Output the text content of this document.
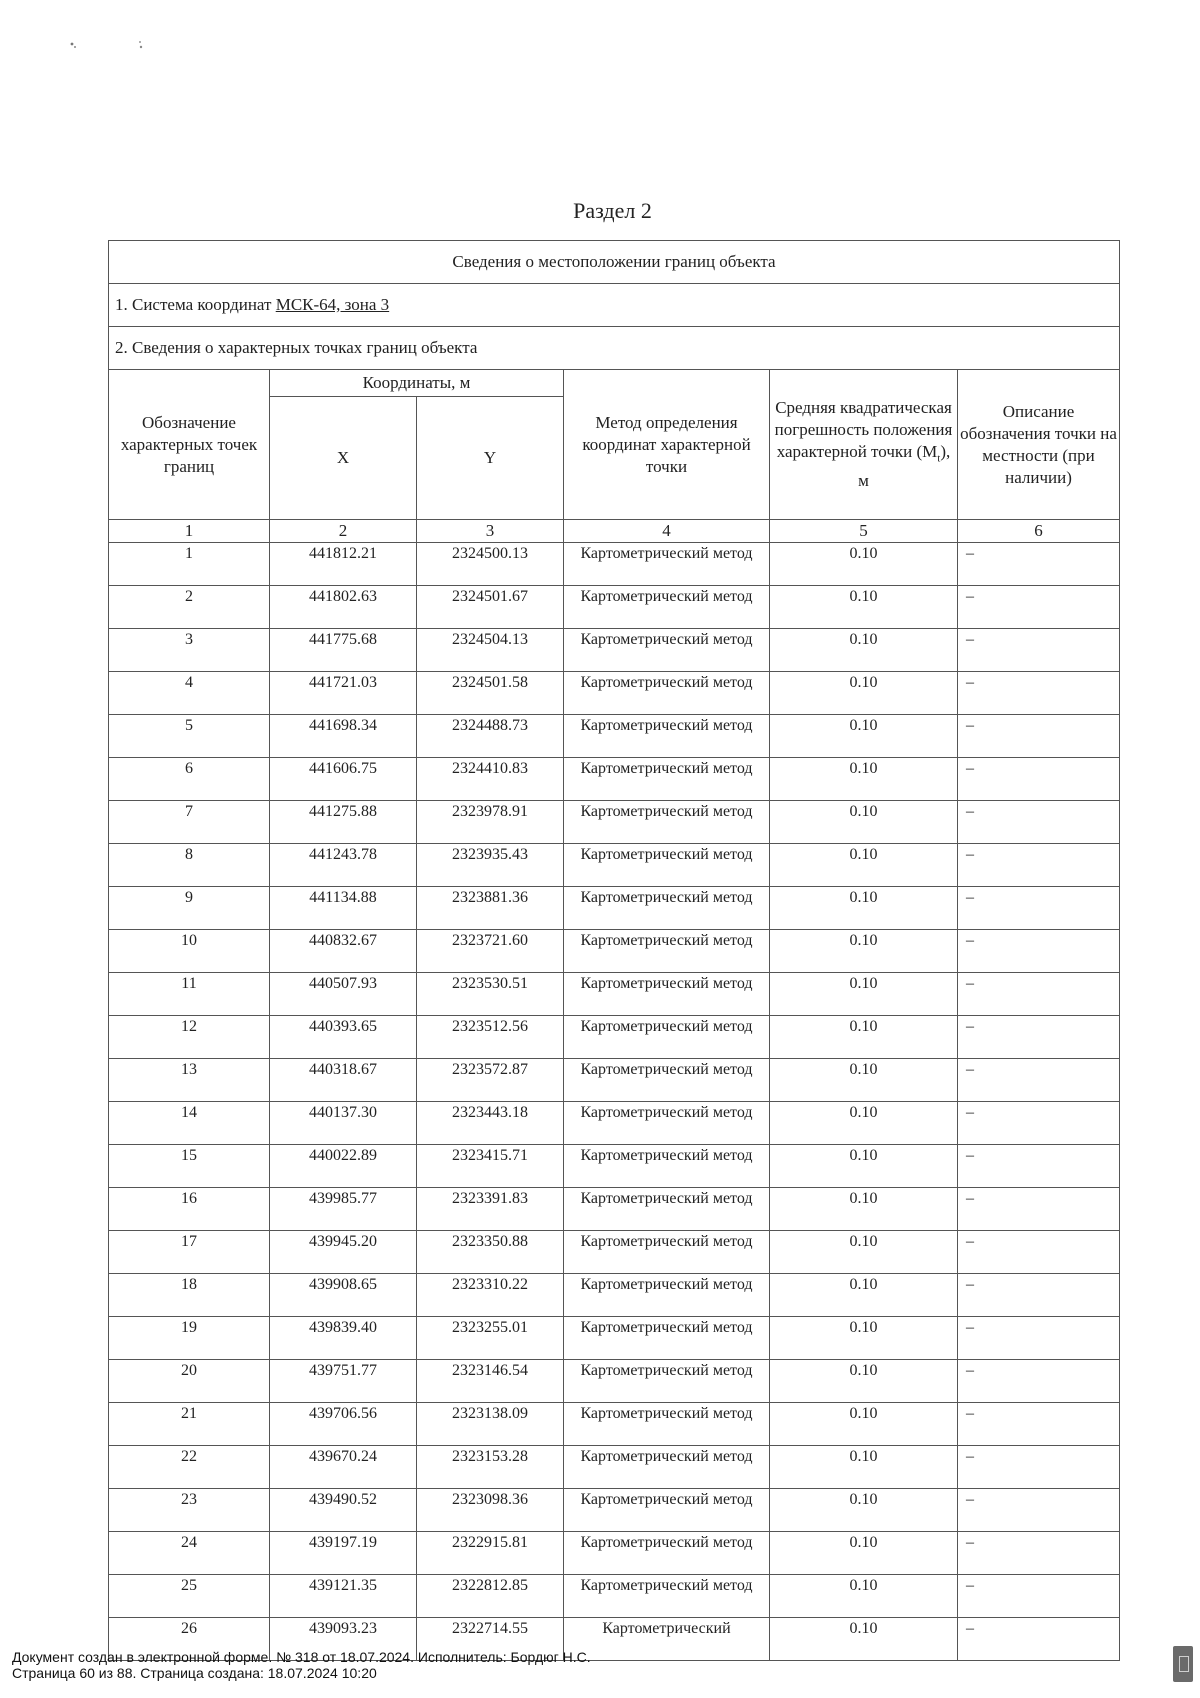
Раздел 2
Сведения о местоположении границ объекта					
1. Система координат МСК-64, зона 3					
2. Сведения о характерных точках границ объекта					
Обозначение характерных точек границ	Координаты, м		Метод определения координат характерной точки	Средняя квадратическая погрешность положения характерной точки $(M_t)$, м	Описание обозначения точки на местности (при наличии)
	X	Y			
1	2	3	4	5	6
1	441812.21	2324500.13	Картометрический метод	0.10	–
2	441802.63	2324501.67	Картометрический метод	0.10	–
3	441775.68	2324504.13	Картометрический метод	0.10	–
4	441721.03	2324501.58	Картометрический метод	0.10	–
5	441698.34	2324488.73	Картометрический метод	0.10	–
6	441606.75	2324410.83	Картометрический метод	0.10	–
7	441275.88	2323978.91	Картометрический метод	0.10	–
8	441243.78	2323935.43	Картометрический метод	0.10	–
9	441134.88	2323881.36	Картометрический метод	0.10	–
10	440832.67	2323721.60	Картометрический метод	0.10	–
11	440507.93	2323530.51	Картометрический метод	0.10	–
12	440393.65	2323512.56	Картометрический метод	0.10	–
13	440318.67	2323572.87	Картометрический метод	0.10	–
14	440137.30	2323443.18	Картометрический метод	0.10	–
15	440022.89	2323415.71	Картометрический метод	0.10	–
16	439985.77	2323391.83	Картометрический метод	0.10	–
17	439945.20	2323350.88	Картометрический метод	0.10	–
18	439908.65	2323310.22	Картометрический метод	0.10	–
19	439839.40	2323255.01	Картометрический метод	0.10	–
20	439751.77	2323146.54	Картометрический метод	0.10	–
21	439706.56	2323138.09	Картометрический метод	0.10	–
22	439670.24	2323153.28	Картометрический метод	0.10	–
23	439490.52	2323098.36	Картометрический метод	0.10	–
24	439197.19	2322915.81	Картометрический метод	0.10	–
25	439121.35	2322812.85	Картометрический метод	0.10	–
26	439093.23	2322714.55	Картометрический	0.10	–
Документ создан в электронной форме. № 318 от 18.07.2024. Исполнитель: Бордюг Н.С.
Страница 60 из 88. Страница создана: 18.07.2024 10:20
